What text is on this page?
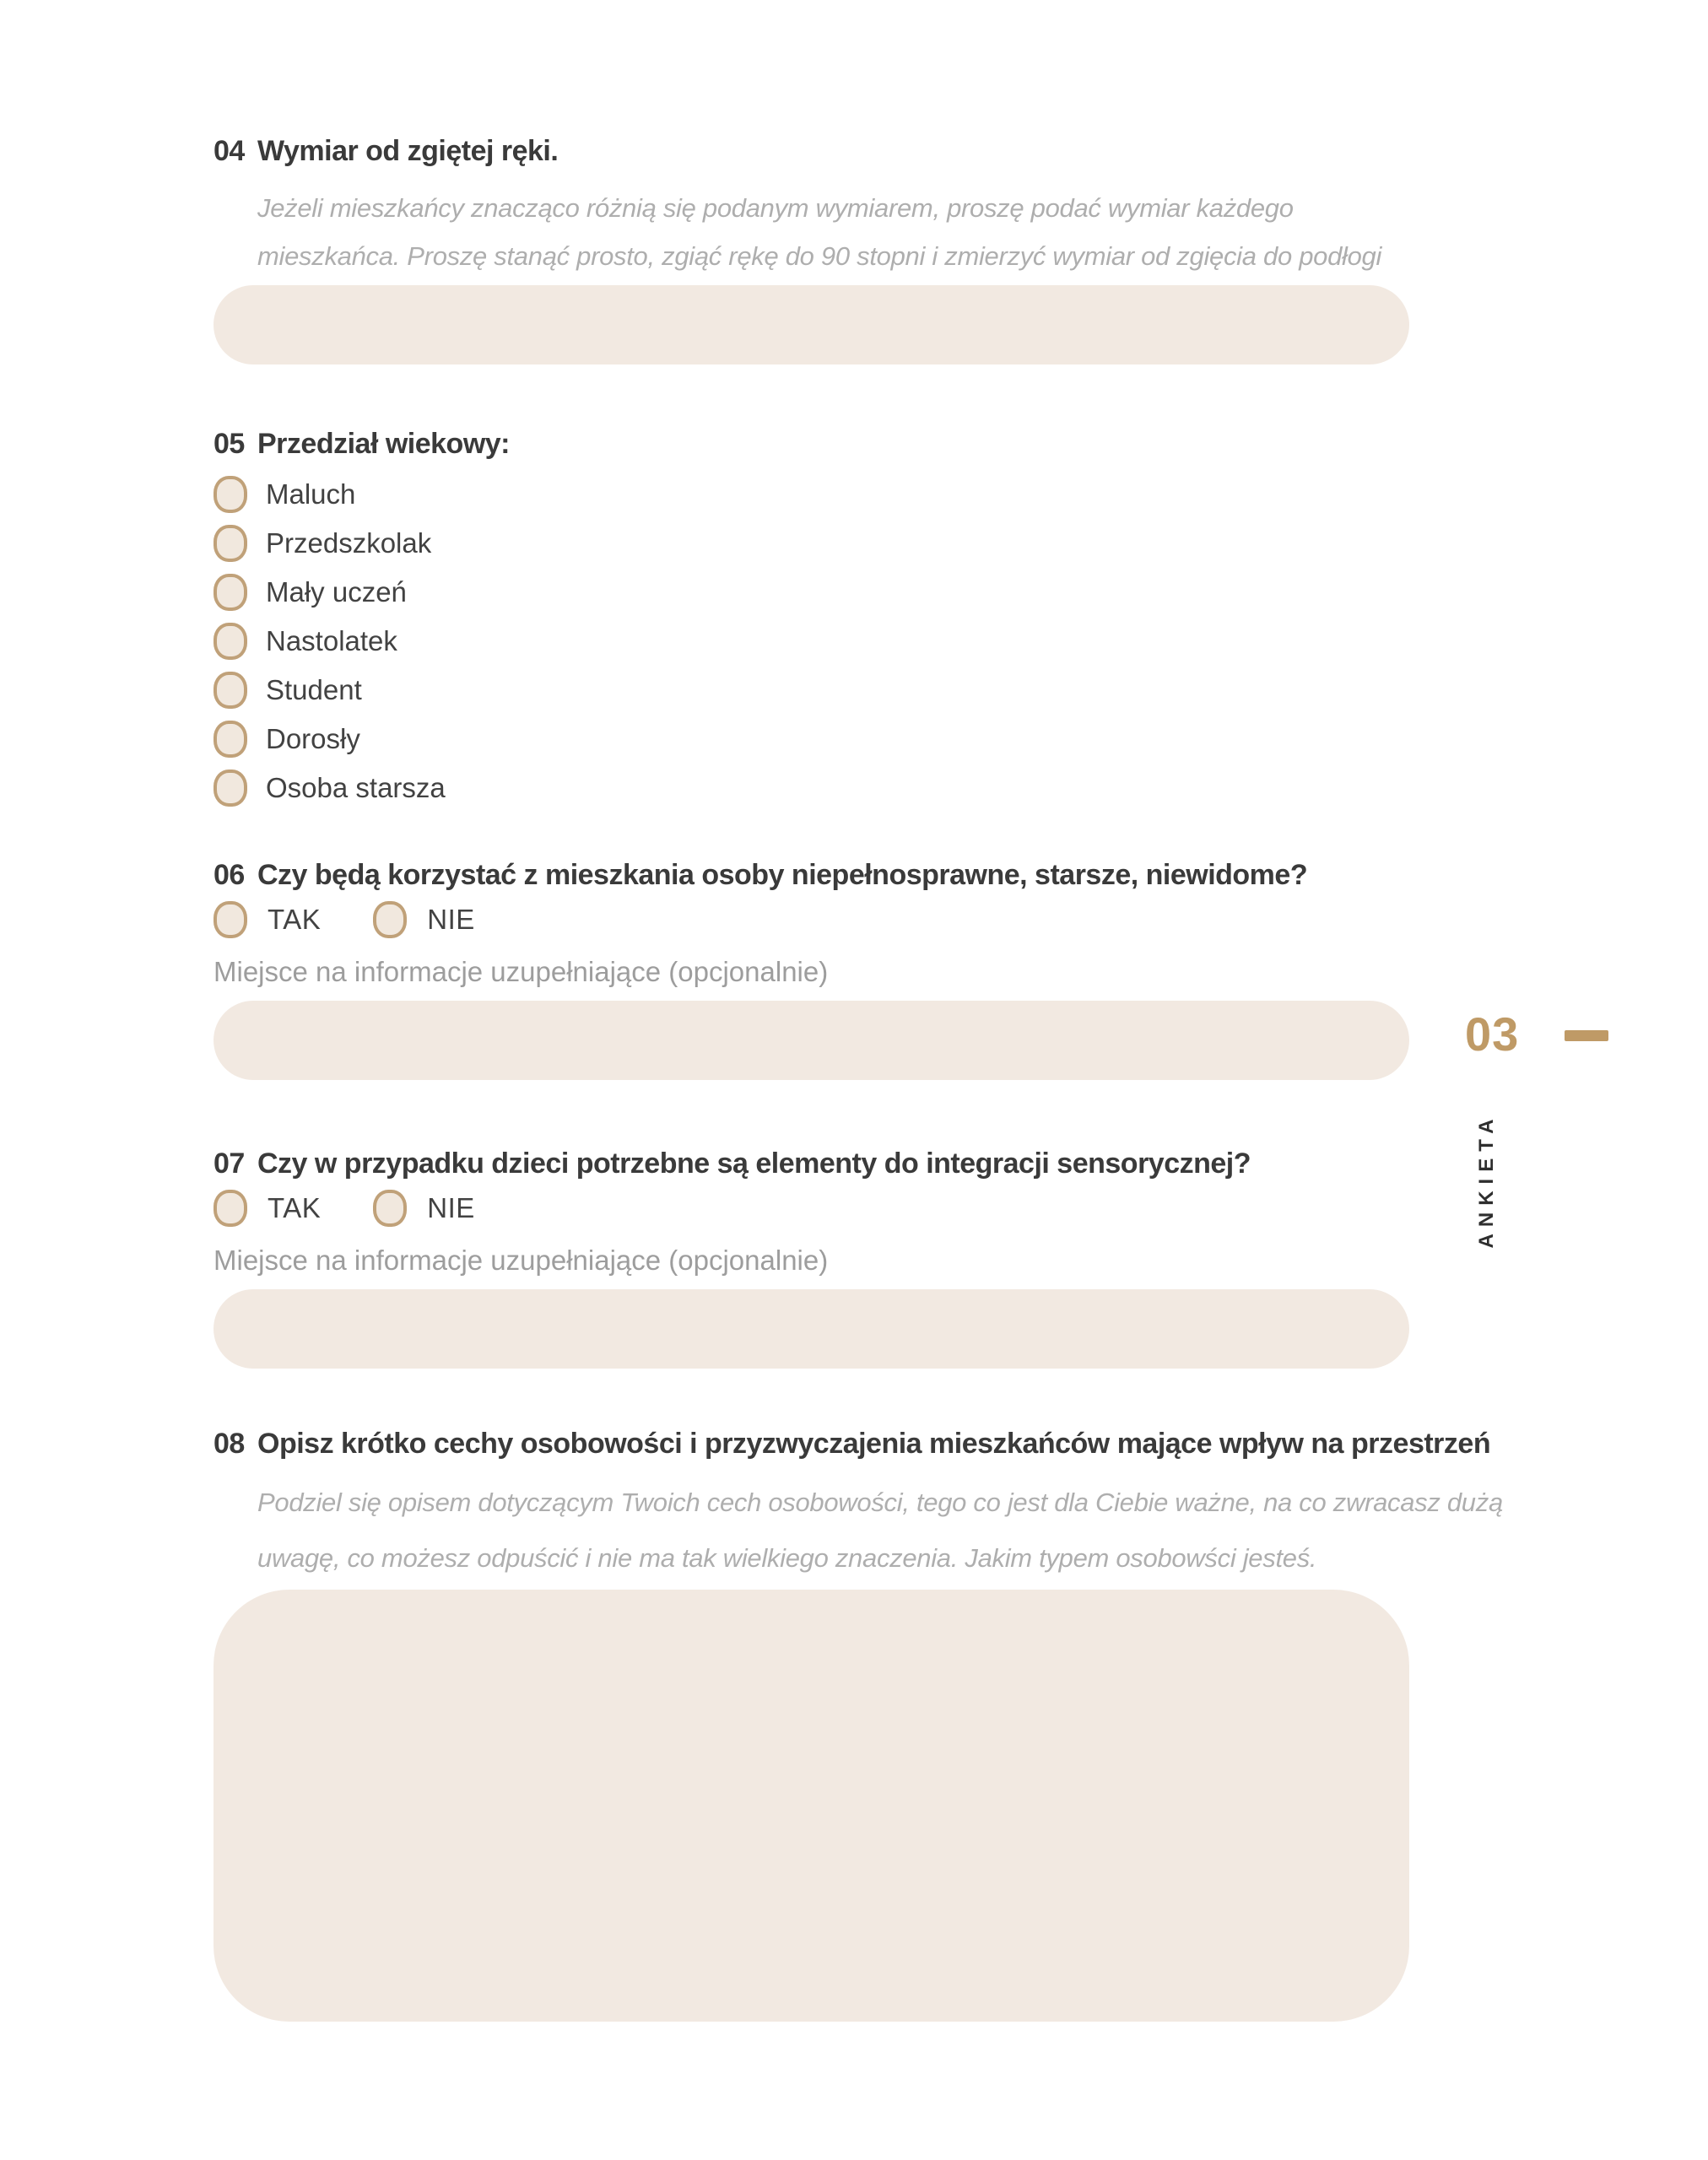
04 Wymiar od zgiętej ręki.

Jeżeli mieszkańcy znacząco różnią się podanym wymiarem, proszę podać wymiar każdego
mieszkańca. Proszę stanąć prosto, zgiąć rękę do 90 stopni i zmierzyć wymiar od zgięcia do podłogi

05 Przedział wiekowy:
Maluch
Przedszkolak
Mały uczeń
Nastolatek
Student
Dorosły
Osoba starsza
06 Czy będą korzystać z mieszkania osoby niepełnosprawne, starsze, niewidome?
TAK	NIE
Miejsce na informacje uzupełniające (opcjonalnie)
03
ANKIETA
07 Czy w przypadku dzieci potrzebne są elementy do integracji sensorycznej?
TAK	NIE
Miejsce na informacje uzupełniające (opcjonalnie)
08 Opisz krótko cechy osobowości i przyzwyczajenia mieszkańców mające wpływ na przestrzeń

Podziel się opisem dotyczącym Twoich cech osobowości, tego co jest dla Ciebie ważne, na co zwracasz dużą
uwagę, co możesz odpuścić i nie ma tak wielkiego znaczenia. Jakim typem osobowści jesteś.
